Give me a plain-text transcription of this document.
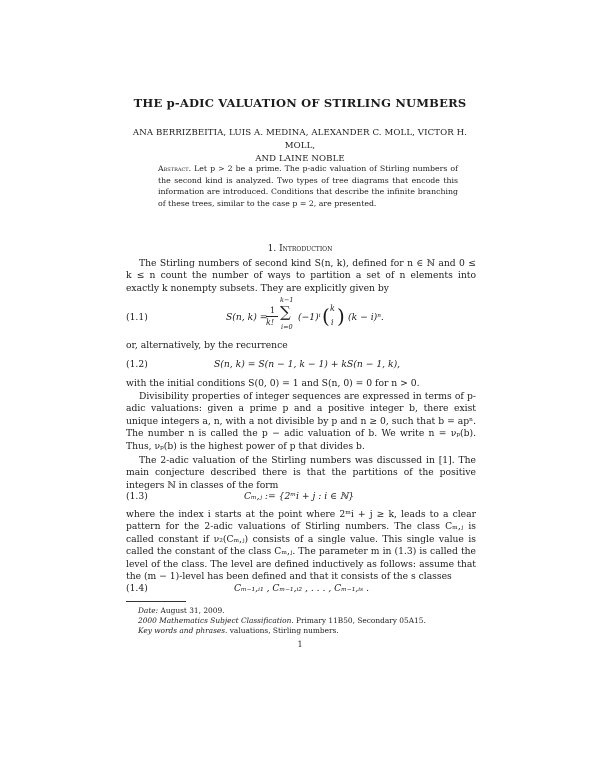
THE p-ADIC VALUATION OF STIRLING NUMBERS
ANA BERRIZBEITIA, LUIS A. MEDINA, ALEXANDER C. MOLL, VICTOR H. MOLL,
AND LAINE NOBLE
Abstract. Let p > 2 be a prime. The p-adic valuation of Stirling numbers of the second kind is analyzed. Two types of tree diagrams that encode this information are introduced. Conditions that describe the infinite branching of these trees, similar to the case p = 2, are presented.
1. Introduction
The Stirling numbers of second kind S(n, k), defined for n ∈ ℕ and 0 ≤ k ≤ n count the number of ways to partition a set of n elements into exactly k nonempty subsets. They are explicitly given by
(1.1)	S(n, k) =
1
k!
k−1
∑
i=0
(−1)ⁱ ( k
i ) (k − i)ⁿ.
or, alternatively, by the recurrence
(1.2)	S(n, k) = S(n − 1, k − 1) + kS(n − 1, k),
with the initial conditions S(0, 0) = 1 and S(n, 0) = 0 for n > 0.
Divisibility properties of integer sequences are expressed in terms of p-adic valuations: given a prime p and a positive integer b, there exist unique integers a, n, with a not divisible by p and n ≥ 0, such that b = apⁿ. The number n is called the p − adic valuation of b. We write n = νₚ(b). Thus, νₚ(b) is the highest power of p that divides b.
The 2-adic valuation of the Stirling numbers was discussed in [1]. The main conjecture described there is that the partitions of the positive integers ℕ in classes of the form
(1.3)	Cₘ,ⱼ := {2ᵐi + j : i ∈ ℕ}
where the index i starts at the point where 2ᵐi + j ≥ k, leads to a clear pattern for the 2-adic valuations of Stirling numbers. The class Cₘ,ⱼ is called constant if ν₂(Cₘ,ⱼ) consists of a single value. This single value is called the constant of the class Cₘ,ⱼ. The parameter m in (1.3) is called the level of the class. The level are defined inductively as follows: assume that the (m − 1)-level has been defined and that it consists of the s classes
(1.4)	Cₘ₋₁,ᵢ₁ , Cₘ₋₁,ᵢ₂ , . . . , Cₘ₋₁,ᵢₛ .
Date: August 31, 2009.
2000 Mathematics Subject Classification. Primary 11B50, Secondary 05A15.
Key words and phrases. valuations, Stirling numbers.
1
